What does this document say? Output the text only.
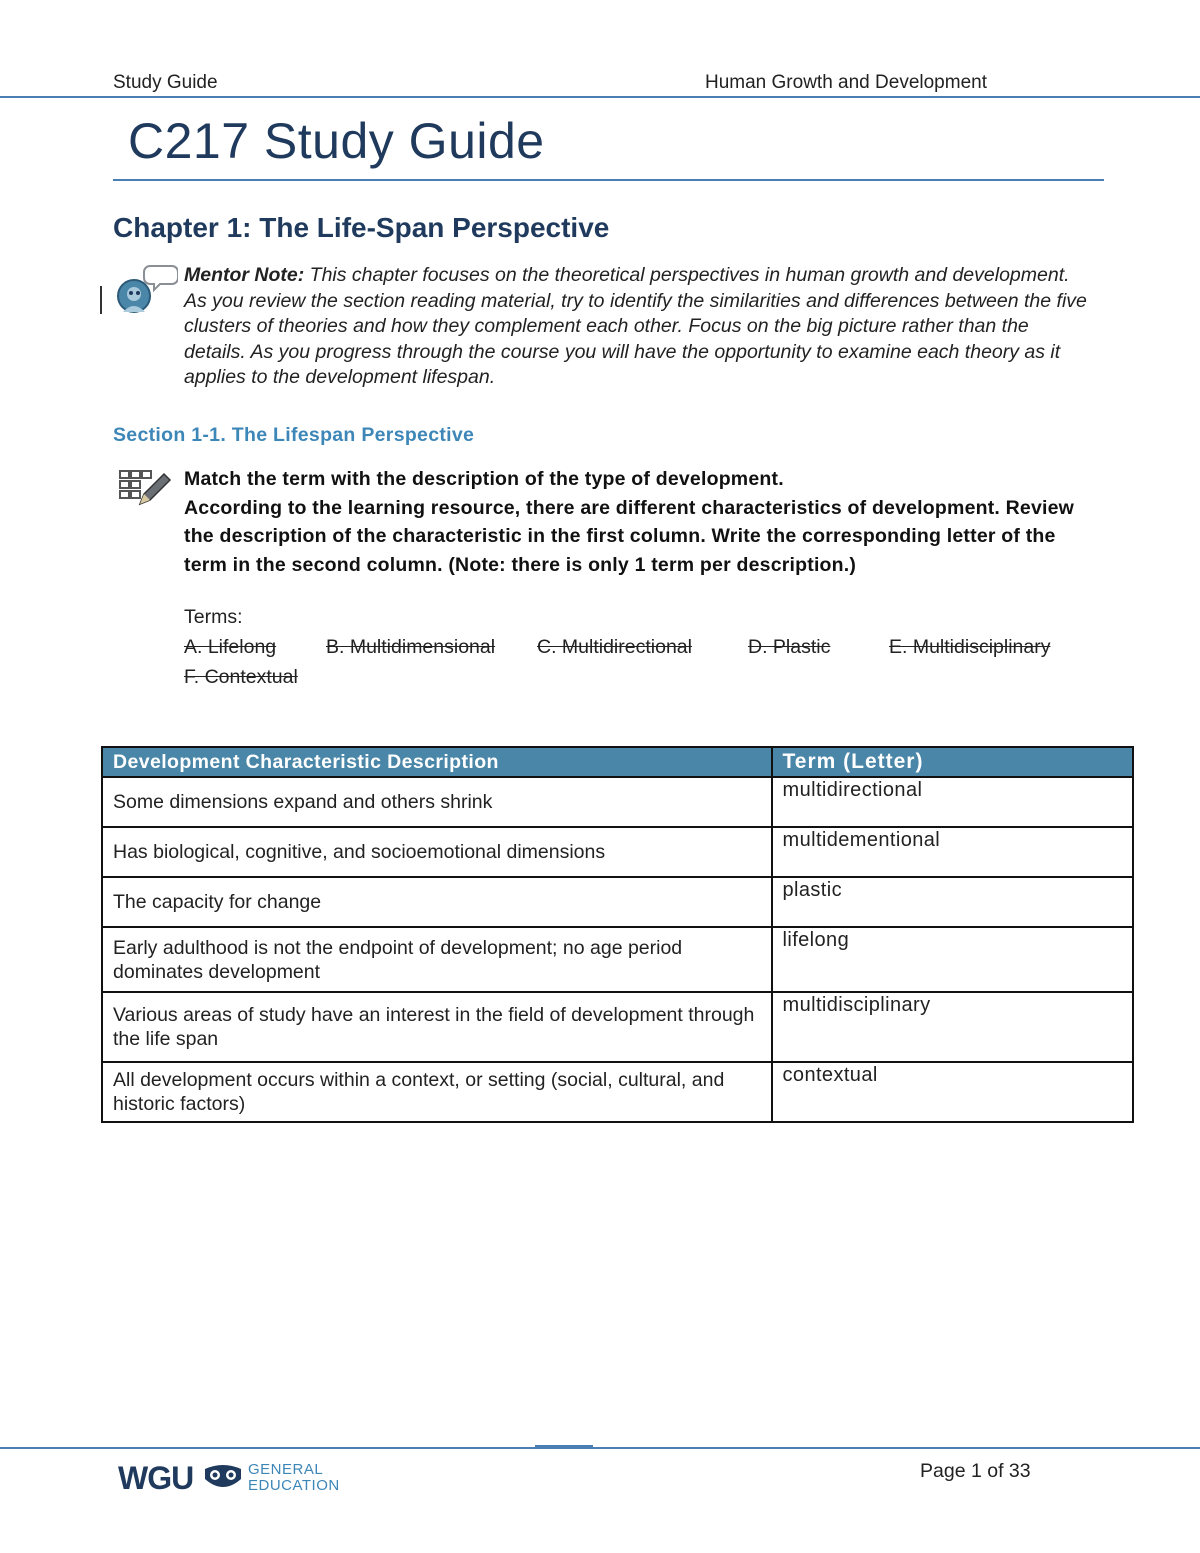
Study Guide	Human Growth and Development
C217 Study Guide
Chapter 1: The Life-Span Perspective
Mentor Note: This chapter focuses on the theoretical perspectives in human growth and development. As you review the section reading material, try to identify the similarities and differences between the five clusters of theories and how they complement each other. Focus on the big picture rather than the details. As you progress through the course you will have the opportunity to examine each theory as it applies to the development lifespan.
Section 1-1. The Lifespan Perspective

Match the term with the description of the type of development.

According to the learning resource, there are different characteristics of development. Review the description of the characteristic in the first column. Write the corresponding letter of the term in the second column. (Note: there is only 1 term per description.)

Terms:
A. Lifelong	B. Multidimensional C. Multidirectional	D. Plastic	E. Multidisciplinary
F. Contextual
Development Characteristic Description	Term (Letter)
Some dimensions expand and others shrink	multidirectional
Has biological, cognitive, and socioemotional dimensions	multidementional
The capacity for change	plastic
Early adulthood is not the endpoint of development; no age period dominates development	lifelong
Various areas of study have an interest in the field of development through the life span	multidisciplinary
All development occurs within a context, or setting (social, cultural, and historic factors)	contextual
WGU	GENERAL
EDUCATION
Page 1 of 33
